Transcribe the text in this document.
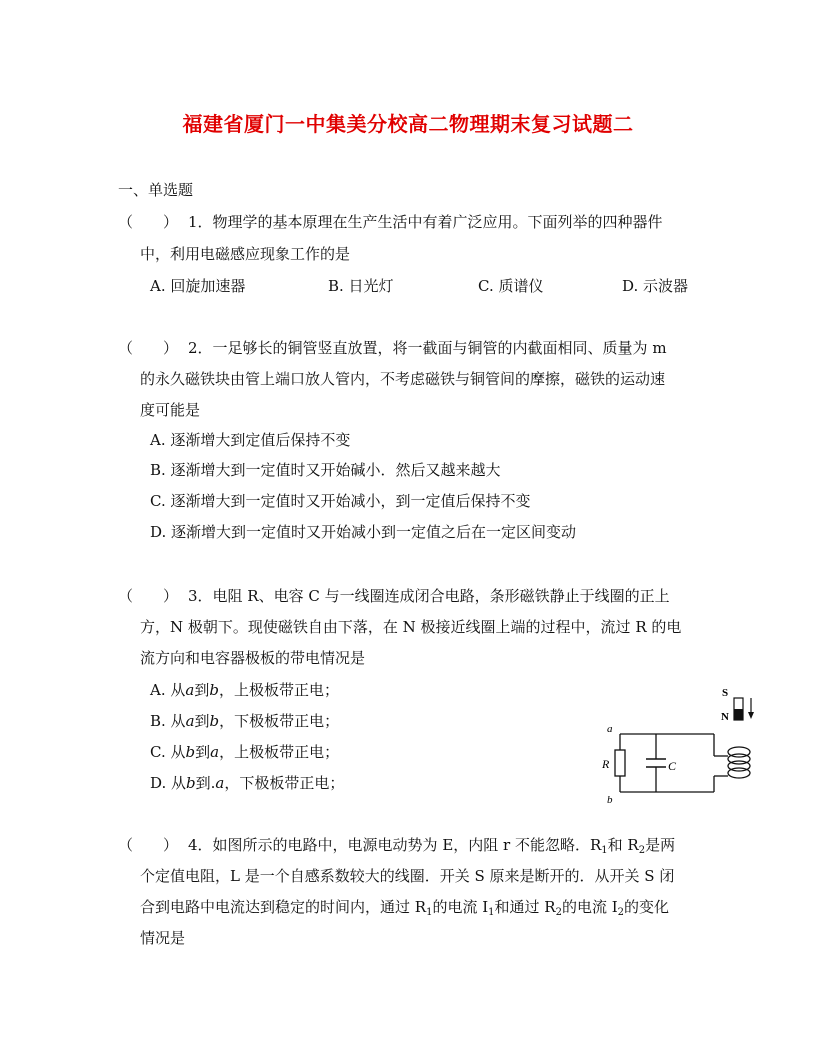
福建省厦门一中集美分校高二物理期末复习试题二
一、单选题
（　　） 1．物理学的基本原理在生产生活中有着广泛应用。下面列举的四种器件
中，利用电磁感应现象工作的是
A. 回旋加速器	B. 日光灯	C. 质谱仪	D. 示波器
（　　） 2．一足够长的铜管竖直放置，将一截面与铜管的内截面相同、质量为 m
的永久磁铁块由管上端口放人管内，不考虑磁铁与铜管间的摩擦，磁铁的运动速
度可能是
A. 逐渐增大到定值后保持不变
B. 逐渐增大到一定值时又开始碱小．然后又越来越大
C. 逐渐增大到一定值时又开始减小，到一定值后保持不变
D. 逐渐增大到一定值时又开始减小到一定值之后在一定区间变动
（　　） 3．电阻 R、电容 C 与一线圈连成闭合电路，条形磁铁静止于线圈的正上
方，N 极朝下。现使磁铁自由下落，在 N 极接近线圈上端的过程中，流过 R 的电
流方向和电容器极板的带电情况是
A. 从a到b，上极板带正电；
B. 从a到b，下极板带正电；
C. 从b到a，上极板带正电；
D. 从b到.a，下极板带正电；
S
N
a
b
R	C
（　　） 4．如图所示的电路中，电源电动势为 E，内阻 r 不能忽略．$R_1$和 $R_2$是两
个定值电阻，L 是一个自感系数较大的线圈．开关 S 原来是断开的．从开关 S 闭
合到电路中电流达到稳定的时间内，通过 $R_1$的电流 $I_1$和通过 $R_2$的电流 $I_2$的变化
情况是
